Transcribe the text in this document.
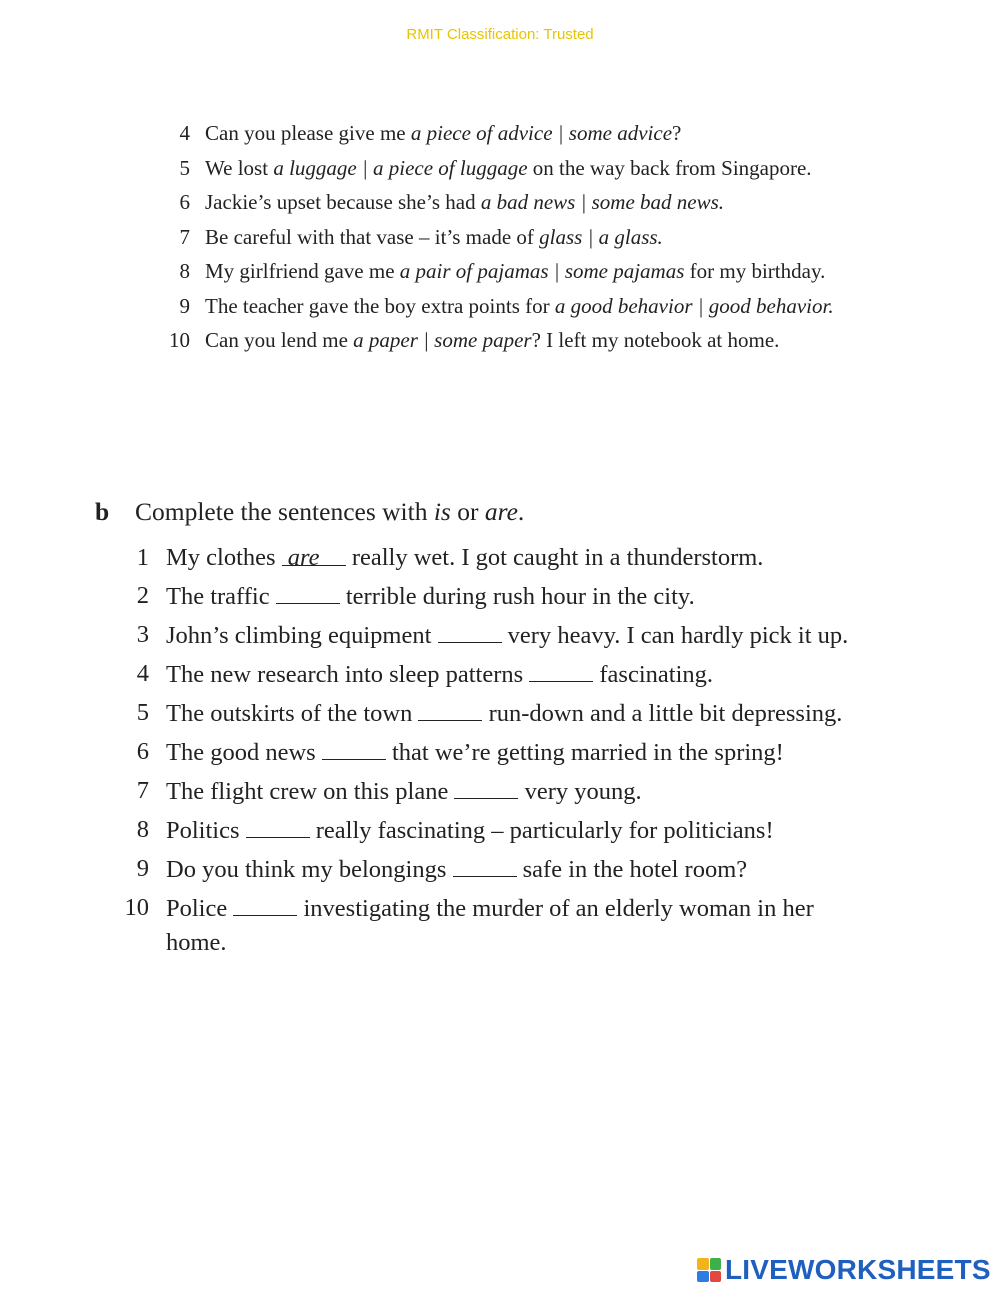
RMIT Classification: Trusted
4 Can you please give me a piece of advice | some advice?
5 We lost a luggage | a piece of luggage on the way back from Singapore.
6 Jackie’s upset because she’s had a bad news | some bad news.
7 Be careful with that vase – it’s made of glass | a glass.
8 My girlfriend gave me a pair of pajamas | some pajamas for my birthday.
9 The teacher gave the boy extra points for a good behavior | good behavior.
10 Can you lend me a paper | some paper? I left my notebook at home.
b Complete the sentences with is or are.
1 My clothes are really wet. I got caught in a thunderstorm.
2 The traffic	terrible during rush hour in the city.
3 John’s climbing equipment	very heavy. I can hardly pick it up.
4 The new research into sleep patterns	fascinating.
5 The outskirts of the town	run-down and a little bit depressing.
6 The good news	that we’re getting married in the spring!
7 The flight crew on this plane	very young.
8 Politics	really fascinating – particularly for politicians!
9 Do you think my belongings	safe in the hotel room?
10 Police	investigating the murder of an elderly woman in her home.
LIVEWORKSHEETS
